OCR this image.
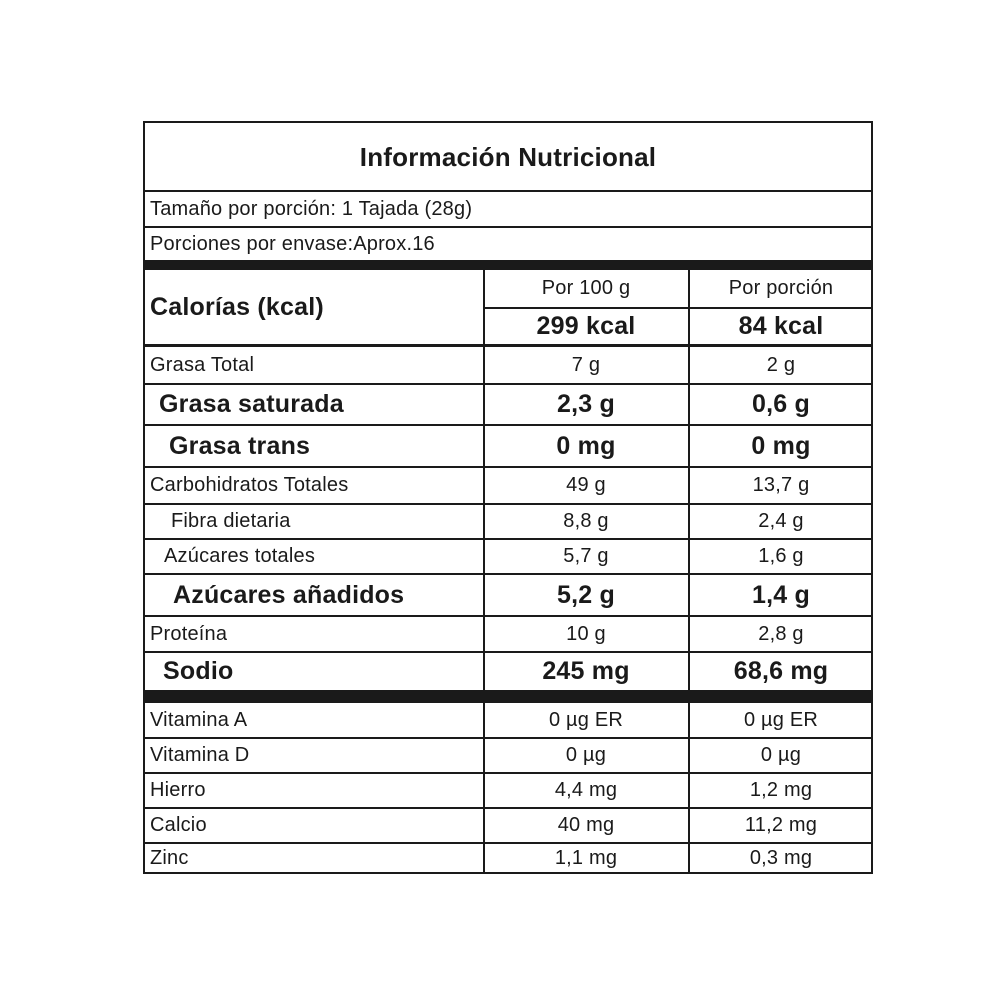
Información Nutricional
Tamaño por porción: 1 Tajada (28g)
Porciones por envase:Aprox.16
Calorías (kcal)
Por 100 g	Por porción
299 kcal	84 kcal
Grasa Total	7 g	2 g
Grasa saturada	2,3 g	0,6 g
Grasa trans	0 mg	0 mg
Carbohidratos Totales	49 g	13,7 g
Fibra dietaria	8,8 g	2,4 g
Azúcares totales	5,7 g	1,6 g
Azúcares añadidos	5,2 g	1,4 g
Proteína	10 g	2,8 g
Sodio	245 mg	68,6 mg
Vitamina A	0 µg ER	0 µg ER
Vitamina D	0 µg	0 µg
Hierro	4,4 mg	1,2 mg
Calcio	40 mg	11,2 mg
Zinc	1,1 mg	0,3 mg
